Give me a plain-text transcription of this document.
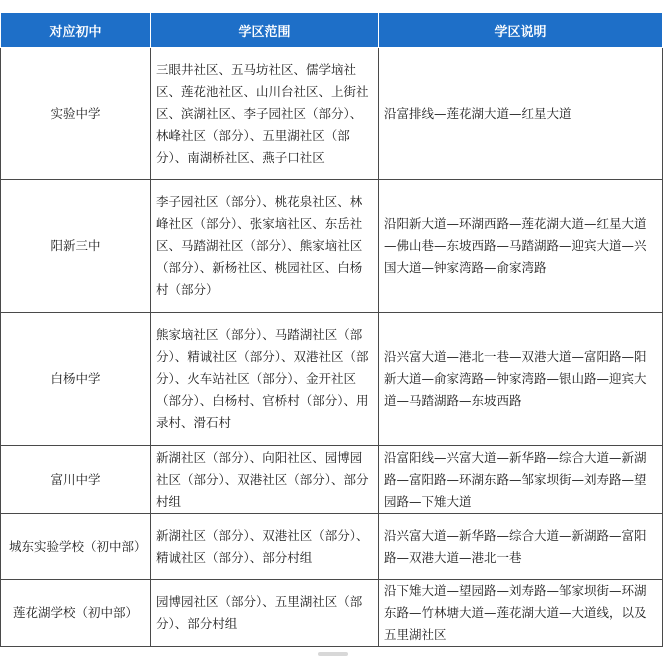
对应初中	学区范围	学区说明
实验中学	三眼井社区、五马坊社区、儒学垴社区、莲花池社区、山川台社区、上街社区、滨湖社区、李子园社区（部分）、林峰社区（部分）、五里湖社区（部分）、南湖桥社区、燕子口社区	沿富排线—莲花湖大道—红星大道
阳新三中	李子园社区（部分）、桃花泉社区、林峰社区（部分）、张家垴社区、东岳社区、马踏湖社区（部分）、熊家垴社区（部分）、新杨社区、桃园社区、白杨村（部分）	沿阳新大道—环湖西路—莲花湖大道—红星大道—佛山巷—东坡西路—马踏湖路—迎宾大道—兴国大道—钟家湾路—俞家湾路
白杨中学	熊家垴社区（部分）、马踏湖社区（部分）、精诚社区（部分）、双港社区（部分）、火车站社区（部分）、金开社区（部分）、白杨村、官桥村（部分）、用录村、滑石村	沿兴富大道—港北一巷—双港大道—富阳路—阳新大道—俞家湾路—钟家湾路—银山路—迎宾大道—马踏湖路—东坡西路
富川中学	新湖社区（部分）、向阳社区、园博园社区（部分）、双港社区（部分）、部分村组	沿富阳线—兴富大道—新华路—综合大道—新湖路—富阳路—环湖东路—邹家坝街—刘寿路—望园路—下雉大道
城东实验学校（初中部）	新湖社区（部分）、双港社区（部分）、精诚社区（部分）、部分村组	沿兴富大道—新华路—综合大道—新湖路—富阳路—双港大道—港北一巷
莲花湖学校（初中部）	园博园社区（部分）、五里湖社区（部分）、部分村组	沿下雉大道—望园路—刘寿路—邹家坝街—环湖东路—竹林塘大道—莲花湖大道—大道线，以及五里湖社区
